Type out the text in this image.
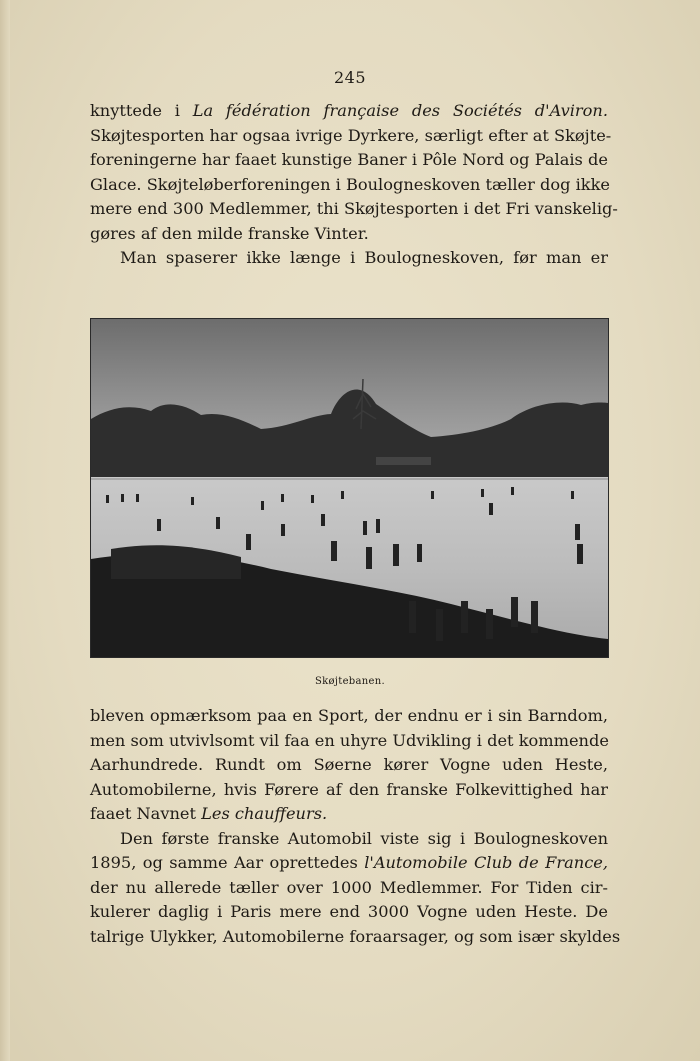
245
knyttede i La fédération française des Sociétés d'Aviron.
Skøjtesporten har ogsaa ivrige Dyrkere, særligt efter at Skøjte-
foreningerne har faaet kunstige Baner i Pôle Nord og Palais de
Glace. Skøjteløberforeningen i Boulogneskoven tæller dog ikke
mere end 300 Medlemmer, thi Skøjtesporten i det Fri vanskelig-
gøres af den milde franske Vinter.
Man spaserer ikke længe i Boulogneskoven, før man er
Skøjtebanen.
bleven opmærksom paa en Sport, der endnu er i sin Barndom,
men som utvivlsomt vil faa en uhyre Udvikling i det kommende
Aarhundrede. Rundt om Søerne kører Vogne uden Heste,
Automobilerne, hvis Førere af den franske Folkevittighed har
faaet Navnet Les chauffeurs.
Den første franske Automobil viste sig i Boulogneskoven
1895, og samme Aar oprettedes l'Automobile Club de France,
der nu allerede tæller over 1000 Medlemmer. For Tiden cir-
kulerer daglig i Paris mere end 3000 Vogne uden Heste. De
talrige Ulykker, Automobilerne foraarsager, og som især skyldes
